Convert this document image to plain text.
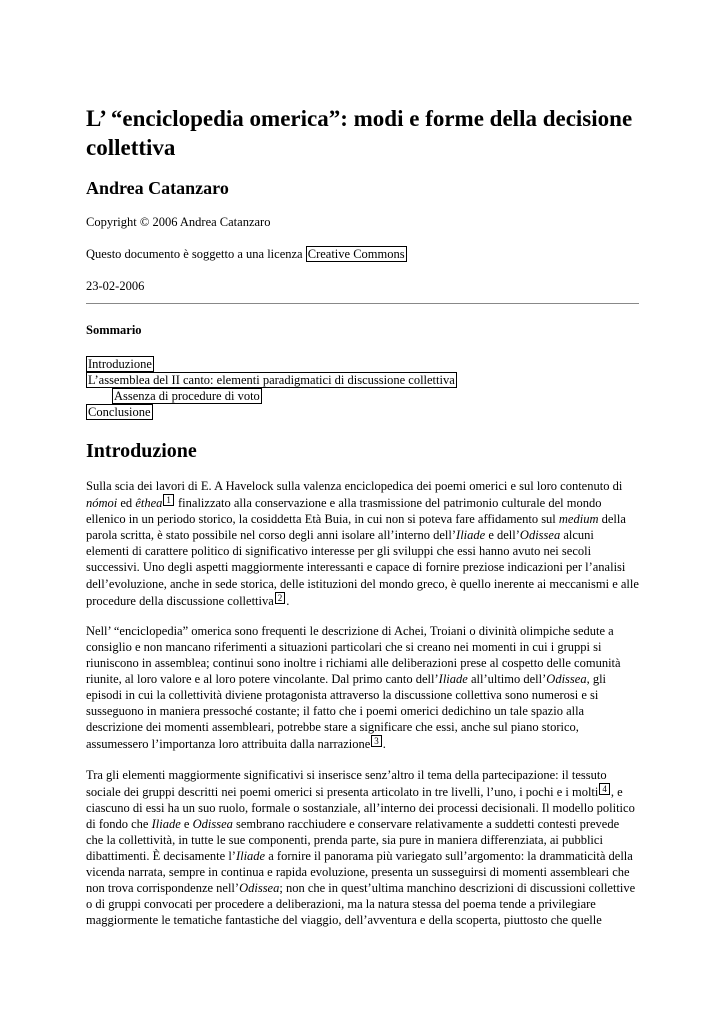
L’ “enciclopedia omerica”: modi e forme della decisione collettiva
Andrea Catanzaro

Copyright © 2006 Andrea Catanzaro

Questo documento è soggetto a una licenza Creative Commons

23-02-2006

Sommario
Introduzione
L’assemblea del II canto: elementi paradigmatici di discussione collettiva
Assenza di procedure di voto
Conclusione
Introduzione

Sulla scia dei lavori di E. A Havelock sulla valenza enciclopedica dei poemi omerici e sul loro contenuto di nómoi ed êthea 1 finalizzato alla conservazione e alla trasmissione del patrimonio culturale del mondo ellenico in un periodo storico, la cosiddetta Età Buia, in cui non si poteva fare affidamento sul medium della parola scritta, è stato possibile nel corso degli anni isolare all’interno dell’Iliade e dell’Odissea alcuni elementi di carattere politico di significativo interesse per gli sviluppi che essi hanno avuto nei secoli successivi. Uno degli aspetti maggiormente interessanti e capace di fornire preziose indicazioni per l’analisi dell’evoluzione, anche in sede storica, delle istituzioni del mondo greco, è quello inerente ai meccanismi e alle procedure della discussione collettiva 2 .

Nell’ “enciclopedia” omerica sono frequenti le descrizione di Achei, Troiani o divinità olimpiche sedute a consiglio e non mancano riferimenti a situazioni particolari che si creano nei momenti in cui i gruppi si riuniscono in assemblea; continui sono inoltre i richiami alle deliberazioni prese al cospetto delle comunità riunite, al loro valore e al loro potere vincolante. Dal primo canto dell’Iliade all’ultimo dell’Odissea, gli episodi in cui la collettività diviene protagonista attraverso la discussione collettiva sono numerosi e si susseguono in maniera pressoché costante; il fatto che i poemi omerici dedichino un tale spazio alla descrizione dei momenti assembleari, potrebbe stare a significare che essi, anche sul piano storico, assumessero l’importanza loro attribuita dalla narrazione 3 .

Tra gli elementi maggiormente significativi si inserisce senz’altro il tema della partecipazione: il tessuto sociale dei gruppi descritti nei poemi omerici si presenta articolato in tre livelli, l’uno, i pochi e i molti 4 , e ciascuno di essi ha un suo ruolo, formale o sostanziale, all’interno dei processi decisionali. Il modello politico di fondo che Iliade e Odissea sembrano racchiudere e conservare relativamente a suddetti contesti prevede che la collettività, in tutte le sue componenti, prenda parte, sia pure in maniera differenziata, ai pubblici dibattimenti. È decisamente l’Iliade a fornire il panorama più variegato sull’argomento: la drammaticità della vicenda narrata, sempre in continua e rapida evoluzione, presenta un susseguirsi di momenti assembleari che non trova corrispondenze nell’Odissea; non che in quest’ultima manchino descrizioni di discussioni collettive o di gruppi convocati per procedere a deliberazioni, ma la natura stessa del poema tende a privilegiare maggiormente le tematiche fantastiche del viaggio, dell’avventura e della scoperta, piuttosto che quelle
